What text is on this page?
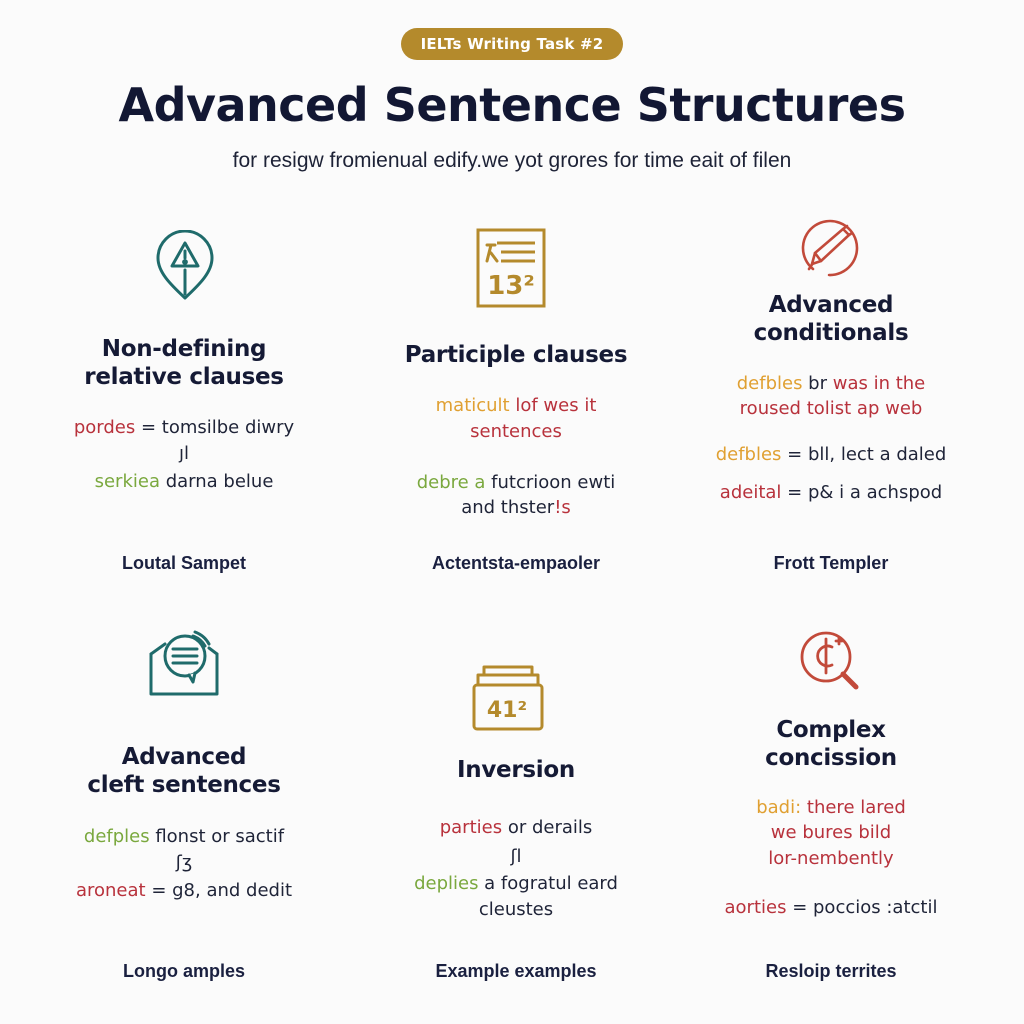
IELTs Writing Task #2
Advanced Sentence Structures

for resigw fromienual edify.we yot grores for time eait of filen

Non-defining
relative clauses
pordes = tomsilbe diwry
ȷl
serkiea darna belue
Loutal Sampet
13²
Participle clauses
maticult lof wes it
sentences
debre a futcrioon ewti
and thster!s
Actentsta-empaoler
Advanced
conditionals
defbles br was in the
roused tolist ap web
defbles = bll, lect a daled
adeital = p& i a achspod
Frott Templer
Advanced
cleft sentences
defples flonst or sactif
ʃʒ
aroneat = g8, and dedit
Longo amples
41²
Inversion
parties or derails
ʃl
deplies a fogratul eard
cleustes
Example examples
Complex
concission
badi: there lared
we bures bild
lor-nembently
aorties = poccios :atctil
Resloip territes
